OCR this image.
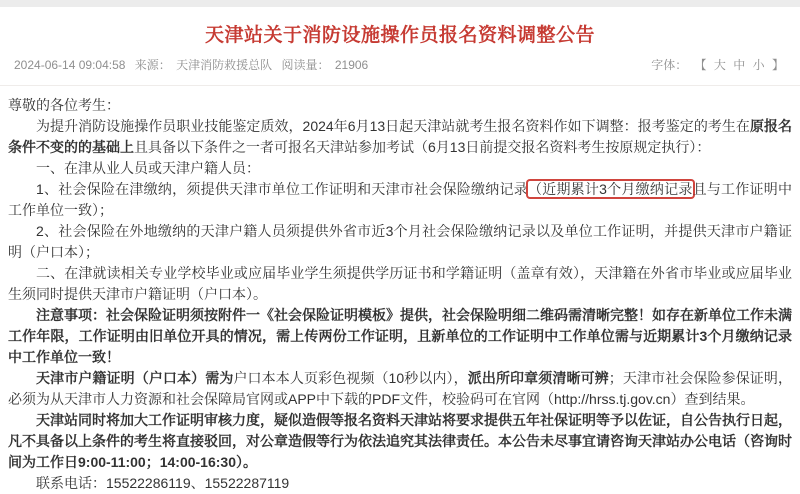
天津站关于消防设施操作员报名资料调整公告
2024-06-14 09:04:58 来源： 天津消防救援总队 阅读量： 21906	字体： 【 大 中 小 】

尊敬的各位考生：

为提升消防设施操作员职业技能鉴定质效，2024年6月13日起天津站就考生报名资料作如下调整：报考鉴定的考生在原报名条件不变的的基础上且具备以下条件之一者可报名天津站参加考试（6月13日前提交报名资料考生按原规定执行）：

一、在津从业人员或天津户籍人员：

1、社会保险在津缴纳，须提供天津市单位工作证明和天津市社会保险缴纳记录（近期累计3个月缴纳记录且与工作证明中工作单位一致）；

2、社会保险在外地缴纳的天津户籍人员须提供外省市近3个月社会保险缴纳记录以及单位工作证明，并提供天津市户籍证明（户口本）；

二、在津就读相关专业学校毕业或应届毕业学生须提供学历证书和学籍证明（盖章有效），天津籍在外省市毕业或应届毕业生须同时提供天津市户籍证明（户口本）。

注意事项：社会保险证明须按附件一《社会保险证明模板》提供，社会保险明细二维码需清晰完整！如存在新单位工作未满工作年限，工作证明由旧单位开具的情况，需上传两份工作证明，且新单位的工作证明中工作单位需与近期累计3个月缴纳记录中工作单位一致！

天津市户籍证明（户口本）需为户口本本人页彩色视频（10秒以内），派出所印章须清晰可辨；天津市社会保险参保证明，必须为从天津市人力资源和社会保障局官网或APP中下载的PDF文件，校验码可在官网（http://hrss.tj.gov.cn）查到结果。

天津站同时将加大工作证明审核力度，疑似造假等报名资料天津站将要求提供五年社保证明等予以佐证，自公告执行日起，凡不具备以上条件的考生将直接驳回，对公章造假等行为依法追究其法律责任。本公告未尽事宜请咨询天津站办公电话（咨询时间为工作日9:00-11:00；14:00-16:30）。

联系电话：15522286119、15522287119
